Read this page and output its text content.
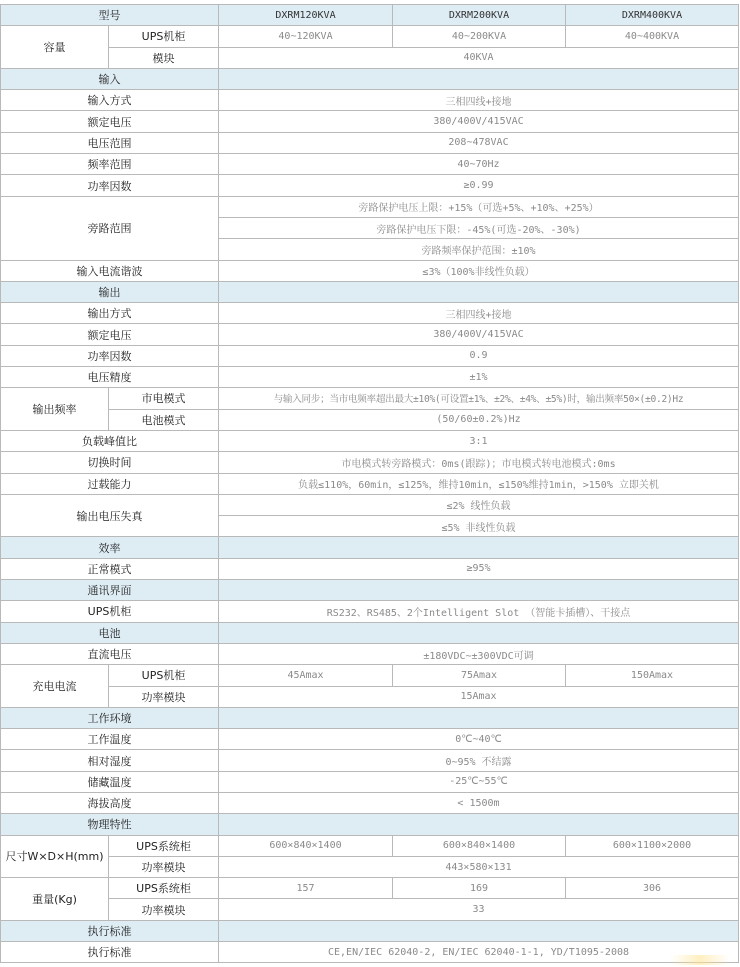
型号		DXRM120KVA	DXRM200KVA	DXRM400KVA
容量	UPS机柜	40~120KVA	40~200KVA	40~400KVA
	模块	40KVA		
输入				
输入方式		三相四线+接地		
额定电压		380/400V/415VAC		
电压范围		208~478VAC		
频率范围		40~70Hz		
功率因数		≥0.99		
旁路范围		旁路保护电压上限：+15%（可选+5%、+10%、+25%）		
		旁路保护电压下限：-45%(可选-20%、-30%)		
		旁路频率保护范围：±10%		
输入电流谐波		≤3%（100%非线性负载）		
输出				
输出方式		三相四线+接地		
额定电压		380/400V/415VAC		
功率因数		0.9		
电压精度		±1%		
输出频率	市电模式	与输入同步；当市电频率超出最大±10%(可设置±1%、±2%、±4%、±5%)时，输出频率50×(±0.2)Hz		
	电池模式	(50/60±0.2%)Hz		
负载峰值比		3:1		
切换时间		市电模式转旁路模式：0ms(跟踪)；市电模式转电池模式:0ms		
过载能力		负载≤110%，60min，≤125%，维持10min，≤150%维持1min，>150% 立即关机		
输出电压失真		≤2% 线性负载		
		≤5% 非线性负载		
效率				
正常模式		≥95%		
通讯界面				
UPS机柜		RS232、RS485、2个Intelligent Slot （智能卡插槽）、干接点		
电池				
直流电压		±180VDC~±300VDC可调		
充电电流	UPS机柜	45Amax	75Amax	150Amax
	功率模块	15Amax		
工作环境				
工作温度		0℃~40℃		
相对湿度		0~95% 不结露		
储藏温度		-25℃~55℃		
海拔高度		< 1500m		
物理特性				
尺寸W×D×H(mm)	UPS系统柜	600×840×1400	600×840×1400	600×1100×2000
	功率模块	443×580×131		
重量(Kg)	UPS系统柜	157	169	306
	功率模块	33		
执行标准				
执行标准		CE,EN/IEC 62040-2, EN/IEC 62040-1-1, YD/T1095-2008		
